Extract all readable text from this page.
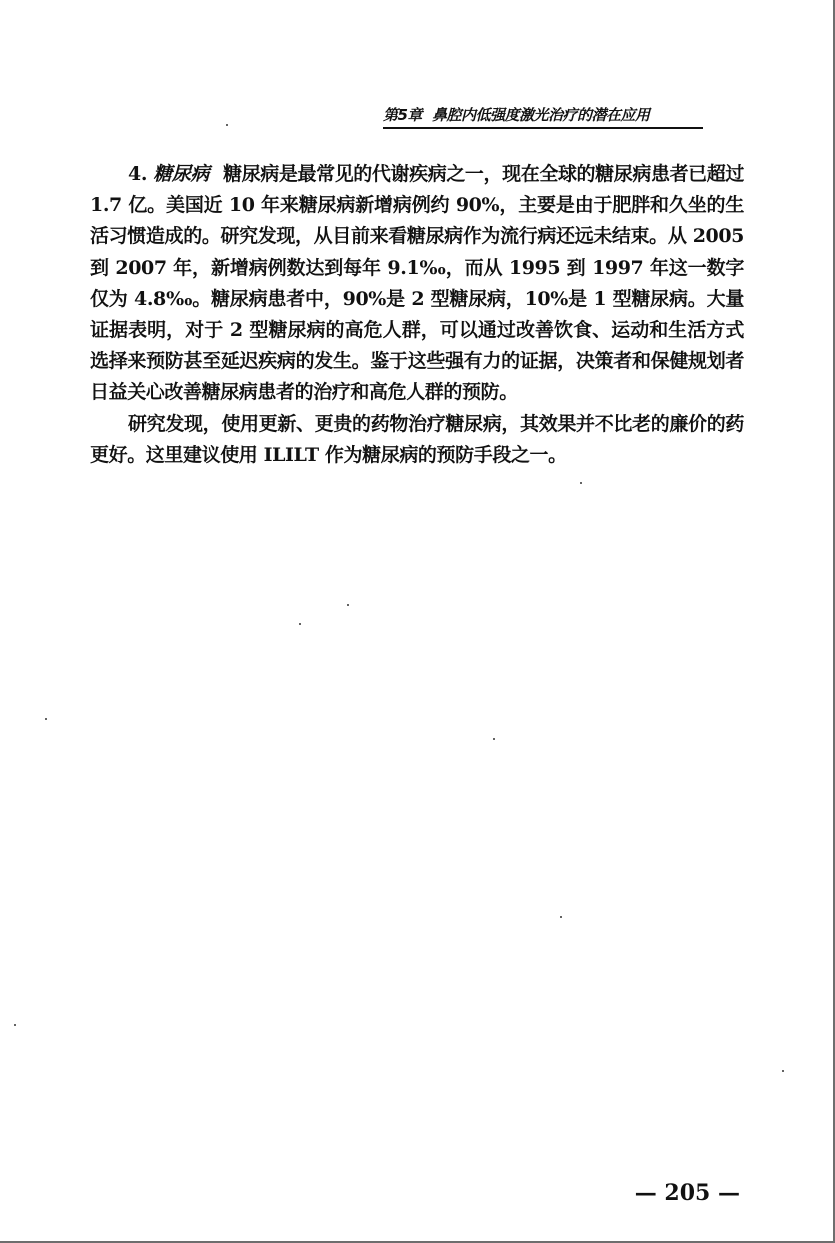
第5章 鼻腔内低强度激光治疗的潜在应用

4. 糖尿病 糖尿病是最常见的代谢疾病之一，现在全球的糖尿病患者已超过 1.7 亿。美国近 10 年来糖尿病新增病例约 90%，主要是由于肥胖和久坐的生活习惯造成的。研究发现，从目前来看糖尿病作为流行病还远未结束。从 2005 到 2007 年，新增病例数达到每年 9.1‰，而从 1995 到 1997 年这一数字仅为 4.8‰。糖尿病患者中，90%是 2 型糖尿病，10%是 1 型糖尿病。大量证据表明，对于 2 型糖尿病的高危人群，可以通过改善饮食、运动和生活方式选择来预防甚至延迟疾病的发生。鉴于这些强有力的证据，决策者和保健规划者日益关心改善糖尿病患者的治疗和高危人群的预防。

研究发现，使用更新、更贵的药物治疗糖尿病，其效果并不比老的廉价的药更好。这里建议使用 ILILT 作为糖尿病的预防手段之一。

— 205 —
